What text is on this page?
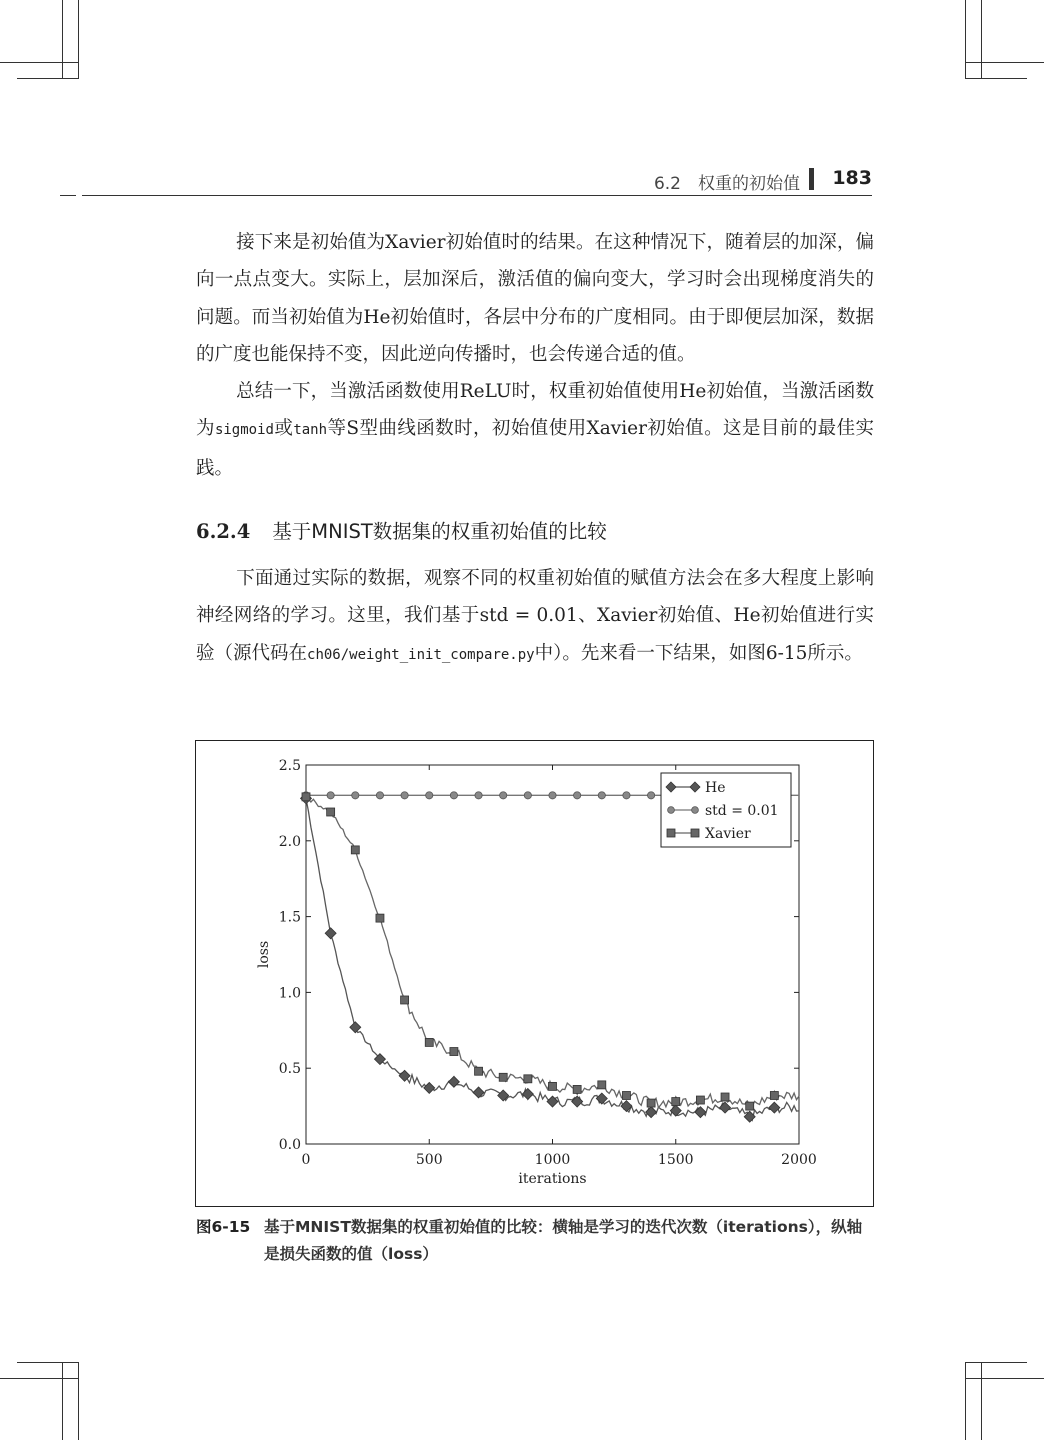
6.2　权重的初始值 183

接下来是初始值为Xavier初始值时的结果。在这种情况下，随着层的加深，偏向一点点变大。实际上，层加深后，激活值的偏向变大，学习时会出现梯度消失的问题。而当初始值为He初始值时，各层中分布的广度相同。由于即便层加深，数据的广度也能保持不变，因此逆向传播时，也会传递合适的值。

总结一下，当激活函数使用ReLU时，权重初始值使用He初始值，当激活函数为sigmoid或tanh等S型曲线函数时，初始值使用Xavier初始值。这是目前的最佳实践。

6.2.4 基于MNIST数据集的权重初始值的比较

下面通过实际的数据，观察不同的权重初始值的赋值方法会在多大程度上影响神经网络的学习。这里，我们基于std = 0.01、Xavier初始值、He初始值进行实验（源代码在ch06/weight_init_compare.py中）。先来看一下结果，如图6-15所示。

0	500	1000	1500	2000
0.0
0.5
1.0
1.5
2.0
2.5
iterations
loss
He
std = 0.01
Xavier
图6-15 基于MNIST数据集的权重初始值的比较：横轴是学习的迭代次数（iterations），纵轴是损失函数的值（loss）
